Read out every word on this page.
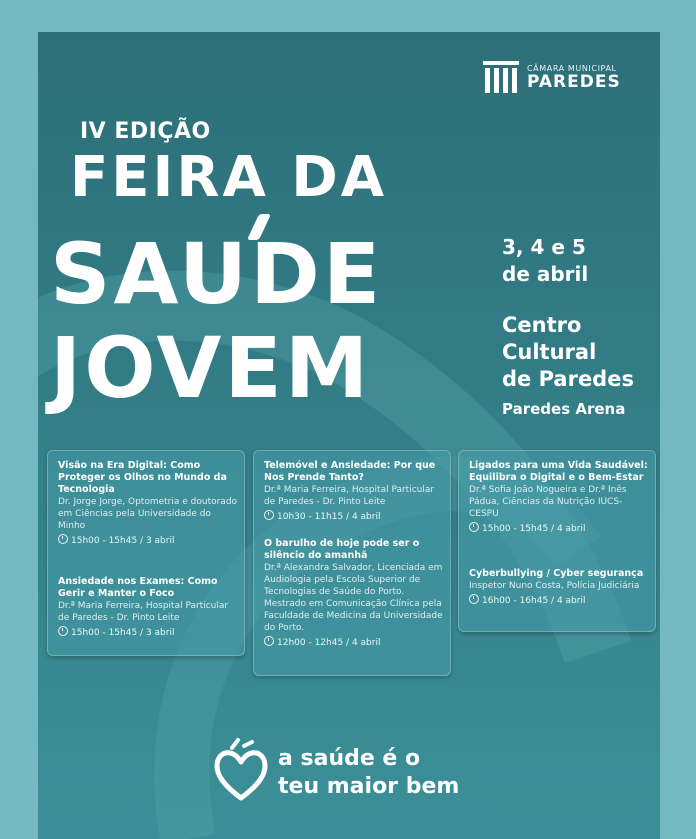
CÂMARA MUNICIPAL
PAREDES
IV EDIÇÃO
FEIRA DA
SAUDE
JOVEM
3, 4 e 5
de abril
Centro
Cultural
de Paredes
Paredes Arena
Visão na Era Digital: Como Proteger os Olhos no Mundo da Tecnologia
Dr. Jorge Jorge, Optometria e doutorado em Ciências pela Universidade do Minho
15h00 - 15h45 / 3 abril
Ansiedade nos Exames: Como Gerir e Manter o Foco
Dr.ª Maria Ferreira, Hospital Particular de Paredes - Dr. Pinto Leite
15h00 - 15h45 / 3 abril
Telemóvel e Ansiedade: Por que Nos Prende Tanto?
Dr.ª Maria Ferreira, Hospital Particular de Paredes - Dr. Pinto Leite
10h30 - 11h15 / 4 abril
O barulho de hoje pode ser o silêncio do amanhã
Dr.ª Alexandra Salvador, Licenciada em Audiologia pela Escola Superior de Tecnologias de Saúde do Porto. Mestrado em Comunicação Clínica pela Faculdade de Medicina da Universidade do Porto.
12h00 - 12h45 / 4 abril
Ligados para uma Vida Saudável: Equilibra o Digital e o Bem-Estar
Dr.ª Sofia João Nogueira e Dr.ª Inês Pádua, Ciências da Nutrição IUCS-CESPU
15h00 - 15h45 / 4 abril
Cyberbullying / Cyber segurança
Inspetor Nuno Costa, Polícia Judiciária
16h00 - 16h45 / 4 abril
a saúde é o
teu maior bem
